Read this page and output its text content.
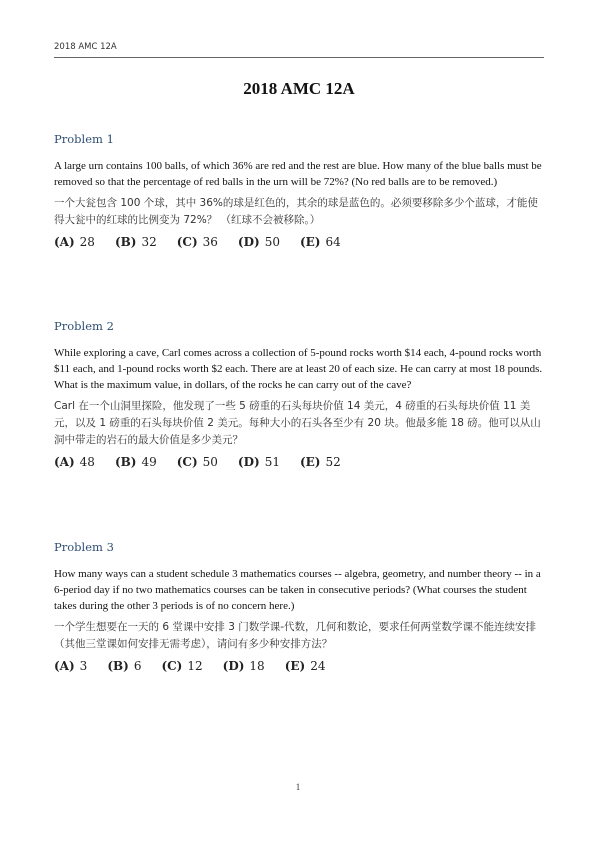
2018 AMC 12A
2018 AMC 12A
Problem 1

A large urn contains 100 balls, of which 36% are red and the rest are blue. How many of the blue balls must be removed so that the percentage of red balls in the urn will be 72%? (No red balls are to be removed.)

一个大瓮包含 100 个球，其中 36%的球是红色的，其余的球是蓝色的。必须要移除多少个蓝球，才能使得大瓮中的红球的比例变为 72%？ （红球不会被移除。）

(A) 28 (B) 32 (C) 36 (D) 50 (E) 64
Problem 2

While exploring a cave, Carl comes across a collection of 5-pound rocks worth $14 each, 4-pound rocks worth $11 each, and 1-pound rocks worth $2 each. There are at least 20 of each size. He can carry at most 18 pounds. What is the maximum value, in dollars, of the rocks he can carry out of the cave?

Carl 在一个山洞里探险，他发现了一些 5 磅重的石头每块价值 14 美元，4 磅重的石头每块价值 11 美元，以及 1 磅重的石头每块价值 2 美元。每种大小的石头各至少有 20 块。他最多能 18 磅。他可以从山洞中带走的岩石的最大价值是多少美元？

(A) 48 (B) 49 (C) 50 (D) 51 (E) 52
Problem 3

How many ways can a student schedule 3 mathematics courses -- algebra, geometry, and number theory -- in a 6-period day if no two mathematics courses can be taken in consecutive periods? (What courses the student takes during the other 3 periods is of no concern here.)

一个学生想要在一天的 6 堂课中安排 3 门数学课-代数，几何和数论，要求任何两堂数学课不能连续安排（其他三堂课如何安排无需考虑），请问有多少种安排方法？

(A) 3 (B) 6 (C) 12 (D) 18 (E) 24
1
